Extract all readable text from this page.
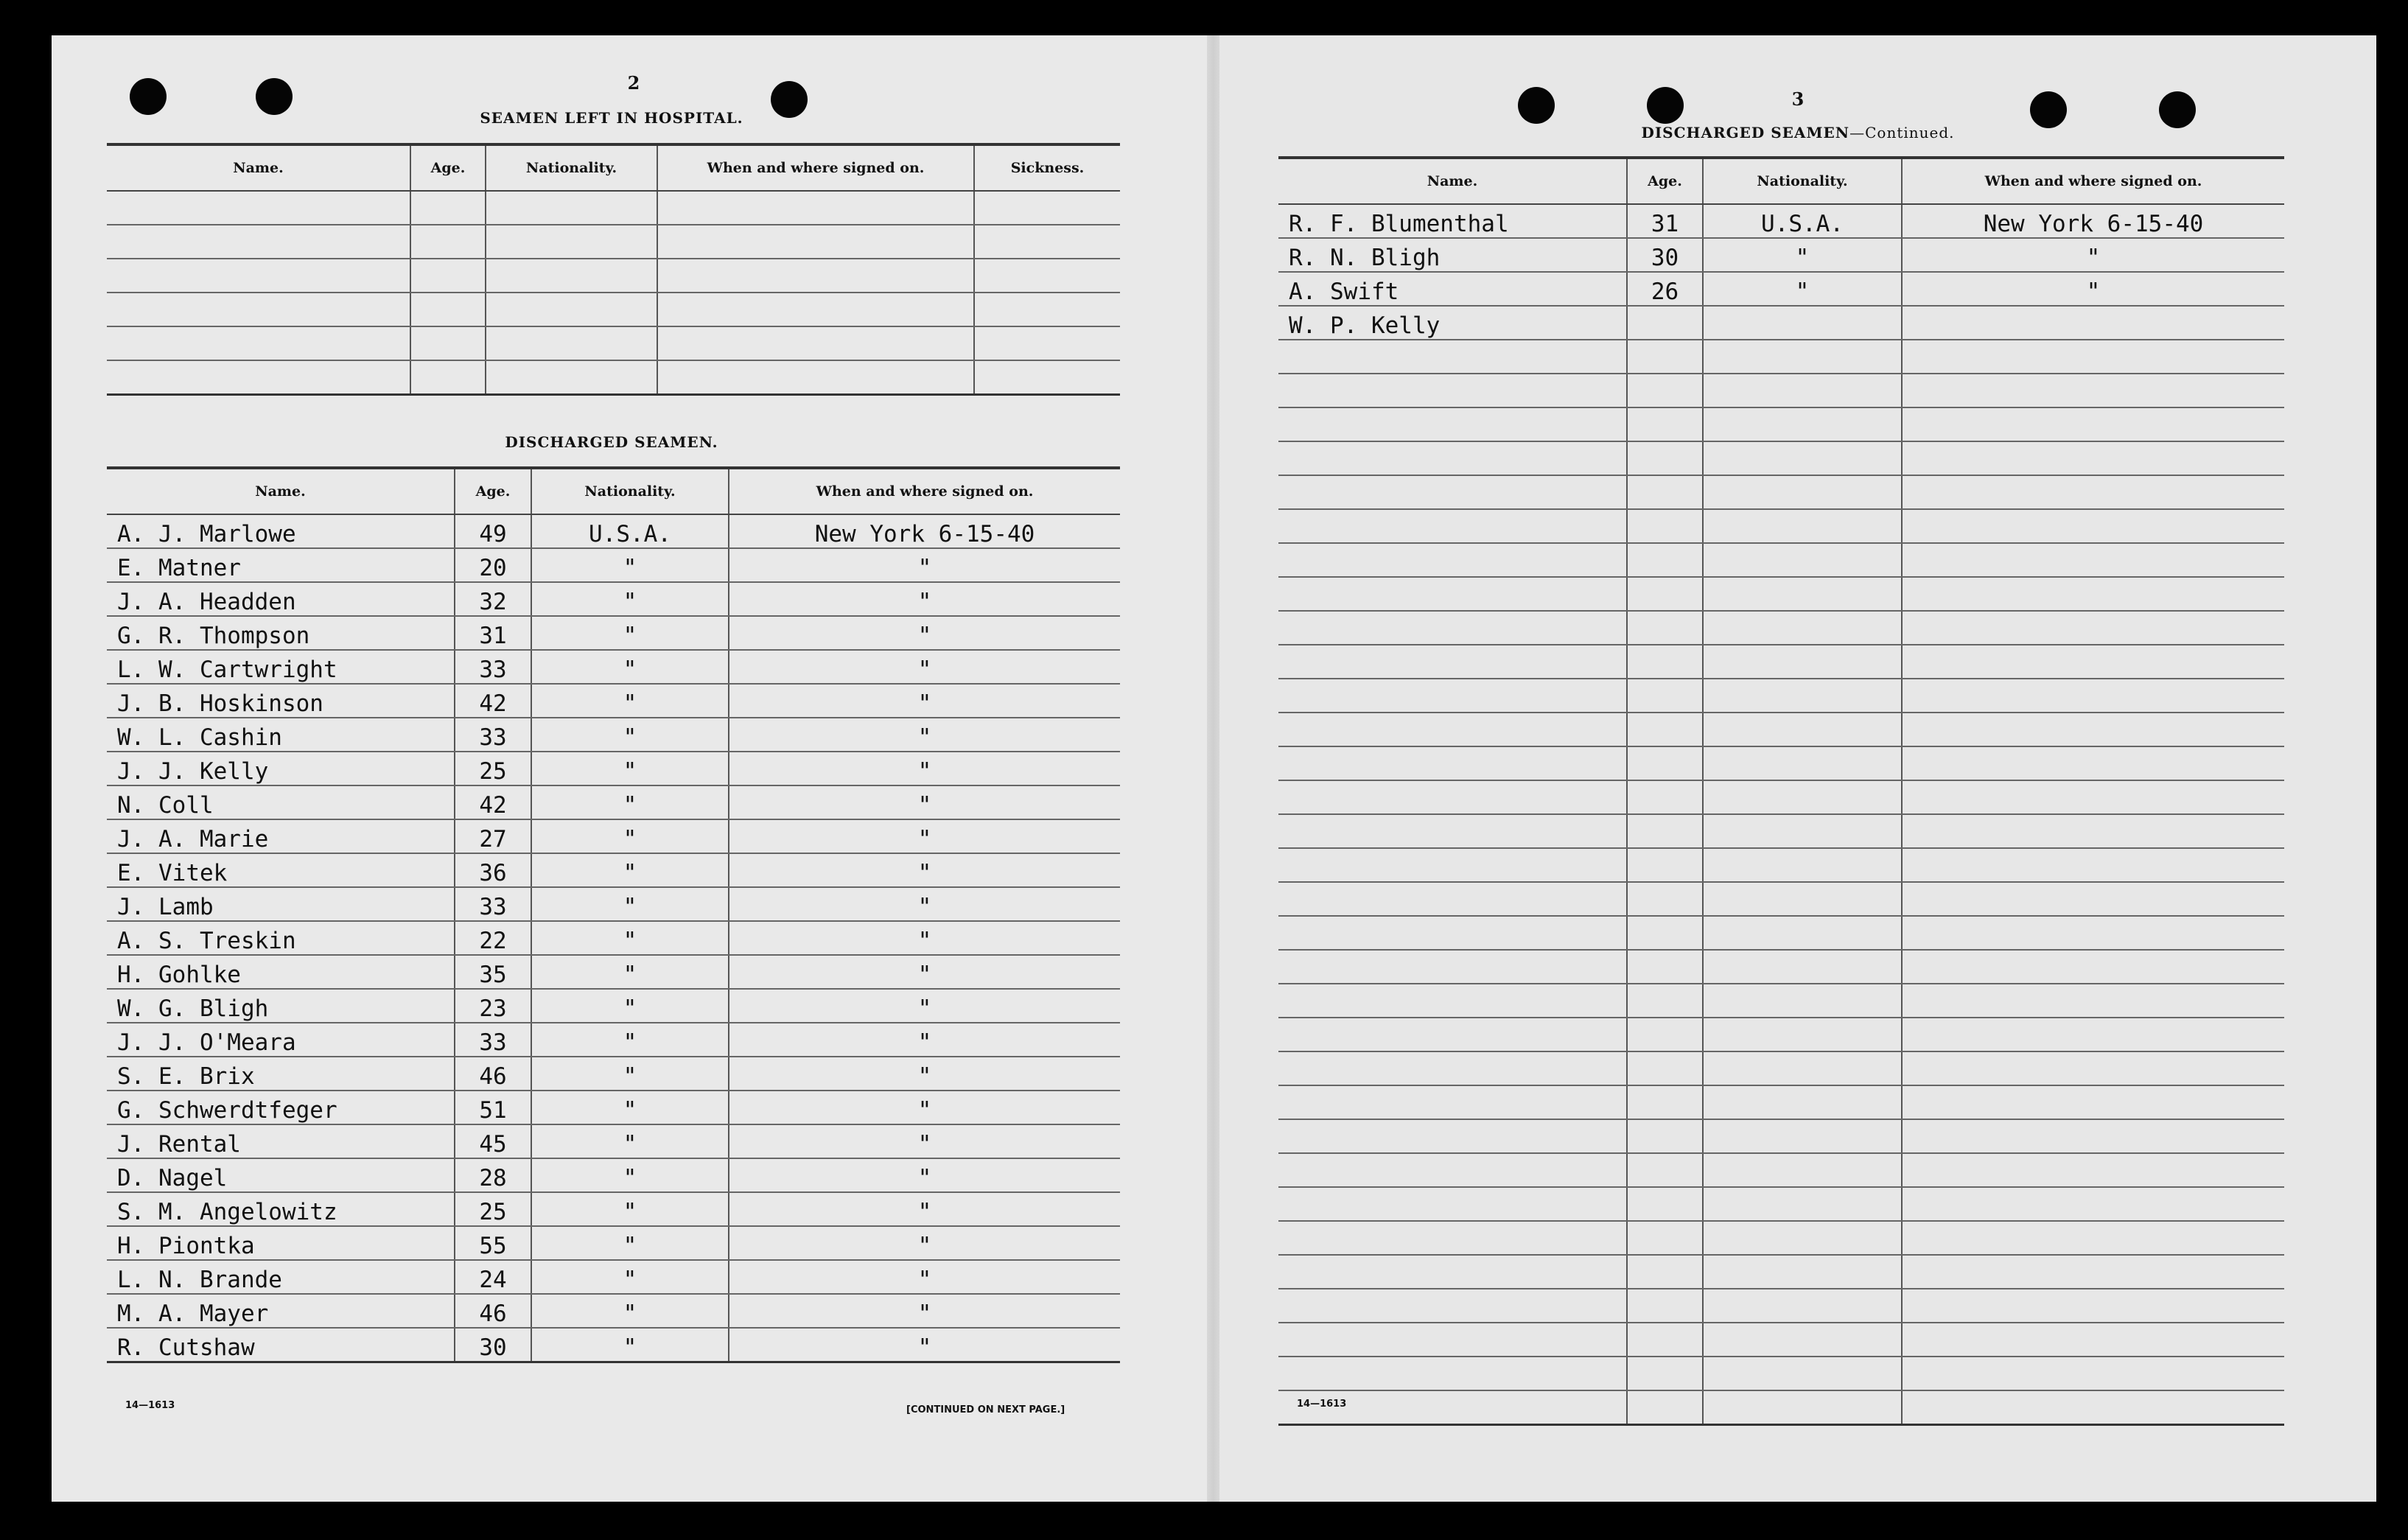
2
SEAMEN LEFT IN HOSPITAL.
Name.	Age.	Nationality.	When and where signed on.	Sickness.

DISCHARGED SEAMEN.
Name.	Age.	Nationality.	When and where signed on.
A. J. Marlowe	49	U.S.A.	New York 6-15-40
E. Matner	20	"	"
J. A. Headden	32	"	"
G. R. Thompson	31	"	"
L. W. Cartwright	33	"	"
J. B. Hoskinson	42	"	"
W. L. Cashin	33	"	"
J. J. Kelly	25	"	"
N. Coll	42	"	"
J. A. Marie	27	"	"
E. Vitek	36	"	"
J. Lamb	33	"	"
A. S. Treskin	22	"	"
H. Gohlke	35	"	"
W. G. Bligh	23	"	"
J. J. O'Meara	33	"	"
S. E. Brix	46	"	"
G. Schwerdtfeger	51	"	"
J. Rental	45	"	"
D. Nagel	28	"	"
S. M. Angelowitz	25	"	"
H. Piontka	55	"	"
L. N. Brande	24	"	"
M. A. Mayer	46	"	"
R. Cutshaw	30	"	"
14—1613	[CONTINUED ON NEXT PAGE.]
3
DISCHARGED SEAMEN—Continued.
Name.	Age.	Nationality.	When and where signed on.
R. F. Blumenthal	31	U.S.A.	New York 6-15-40
R. N. Bligh	30	"	"
A. Swift	26	"	"
W. P. Kelly			

14—1613
